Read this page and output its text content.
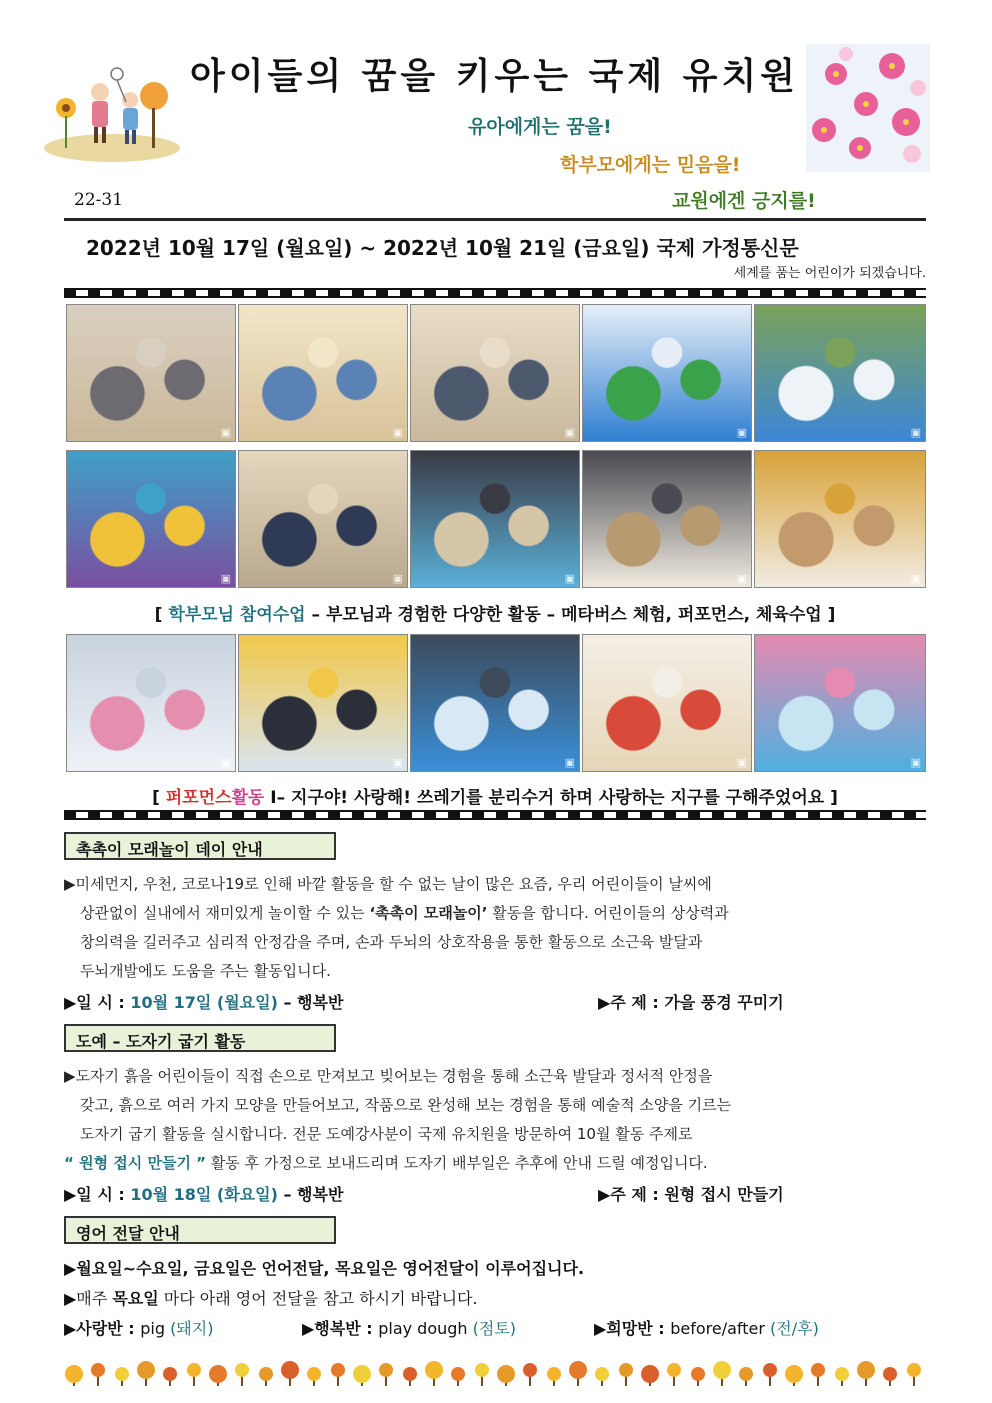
아이들의 꿈을 키우는 국제 유치원
유아에게는 꿈을!
학부모에게는 믿음을!
교원에겐 긍지를!
22-31
2022년 10월 17일 (월요일) ~ 2022년 10월 21일 (금요일) 국제 가정통신문
세계를 품는 어린이가 되겠습니다.
▣	▣	▣	▣	▣
▣	▣	▣	▣	▣
▣	▣	▣	▣	▣
[ 학부모님 참여수업 – 부모님과 경험한 다양한 활동 – 메타버스 체험, 퍼포먼스, 체육수업 ]
[ 퍼포먼스활동 Ⅰ– 지구야! 사랑해! 쓰레기를 분리수거 하며 사랑하는 지구를 구해주었어요 ]
촉촉이 모래놀이 데이 안내
▶미세먼지, 우천, 코로나19로 인해 바깥 활동을 할 수 없는 날이 많은 요즘, 우리 어린이들이 날씨에
상관없이 실내에서 재미있게 놀이할 수 있는 ‘촉촉이 모래놀이’ 활동을 합니다. 어린이들의 상상력과
창의력을 길러주고 심리적 안정감을 주며, 손과 두뇌의 상호작용을 통한 활동으로 소근육 발달과
두뇌개발에도 도움을 주는 활동입니다.
▶일 시 : 10월 17일 (월요일) – 행복반	▶주 제 : 가을 풍경 꾸미기
도예 – 도자기 굽기 활동
▶도자기 흙을 어린이들이 직접 손으로 만져보고 빚어보는 경험을 통해 소근육 발달과 정서적 안정을
갖고, 흙으로 여러 가지 모양을 만들어보고, 작품으로 완성해 보는 경험을 통해 예술적 소양을 기르는
도자기 굽기 활동을 실시합니다. 전문 도예강사분이 국제 유치원을 방문하여 10월 활동 주제로
“ 원형 접시 만들기 ” 활동 후 가정으로 보내드리며 도자기 배부일은 추후에 안내 드릴 예정입니다.
▶일 시 : 10월 18일 (화요일) – 행복반	▶주 제 : 원형 접시 만들기
영어 전달 안내
▶월요일~수요일, 금요일은 언어전달, 목요일은 영어전달이 이루어집니다.
▶매주 목요일 마다 아래 영어 전달을 참고 하시기 바랍니다.
▶사랑반 : pig (돼지)	▶행복반 : play dough (점토)	▶희망반 : before/after (전/후)
